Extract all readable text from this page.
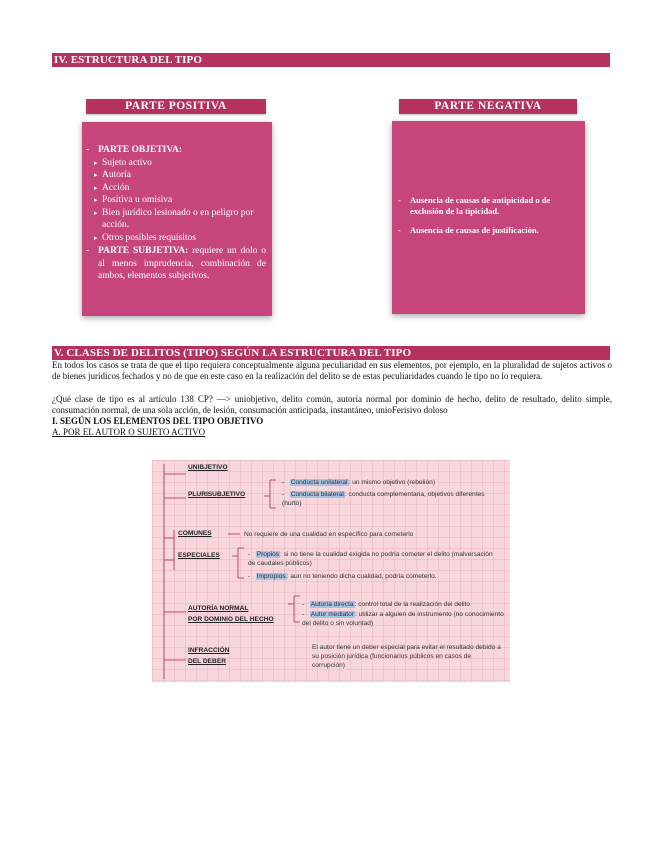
IV. ESTRUCTURA DEL TIPO
PARTE POSITIVA
- PARTE OBJETIVA:
▸ Sujeto activo
▸ Autoría
▸ Acción
▸ Positiva u omisiva
▸ Bien jurídico lesionado o en peligro por acción.
▸ Otros posibles requisitos
- PARTE SUBJETIVA: requiere un dolo o al menos imprudencia, combinación de ambos, elementos subjetivos.
PARTE NEGATIVA
- Ausencia de causas de antipicidad o de exclusión de la tipicidad.
- Ausencia de causas de justificación.
V. CLASES DE DELITOS (TIPO) SEGÚN LA ESTRUCTURA DEL TIPO
En todos los casos se trata de que el tipo requiera conceptualmente alguna peculiaridad en sus elementos, por ejemplo, en la pluralidad de sujetos activos o de bienes jurídicos fechados y no de que en este caso en la realización del delito se de estas peculiaridades cuando le tipo no lo requiera.
¿Qué clase de tipo es al artículo 138 CP? —> uniobjetivo, delito común, autoría normal por dominio de hecho, delito de resultado, delito simple, consumación normal, de una sola acción, de lesión, consumación anticipada, instantáneo, unioFerisivo doloso
I. SEGÚN LOS ELEMENTOS DEL TIPO OBJETIVO
A. POR EL AUTOR O SUJETO ACTIVO
UNIBJETIVO
PLURISUBJETIVO
-   Conducta unilateral: un mismo objetivo (rebelión)
-   Conducta bilateral: conducta complementaria, objetivos diferentes (hurto)
COMUNES	No requiere de una cualidad en específico para cometerlo
ESPECIALES	-   Propios: si no tiene la cualidad exigida no podría cometer el delito (malversación de caudales públicos)
-   Impropios: aun no teniendo dicha cualidad, podría cometerlo.
AUTORÍA NORMAL
POR DOMINIO DEL HECHO
-   Autoría directa: control total de la realización del delito
-   Autor mediator: utilizar a alguien de instrumento (no conocimiento del delito o sin voluntad)
INFRACCIÓN
DEL DEBER
El autor tiene un deber especial para evitar el resultado debido a su posición jurídica (funcionarios públicos en casos de corrupción)
